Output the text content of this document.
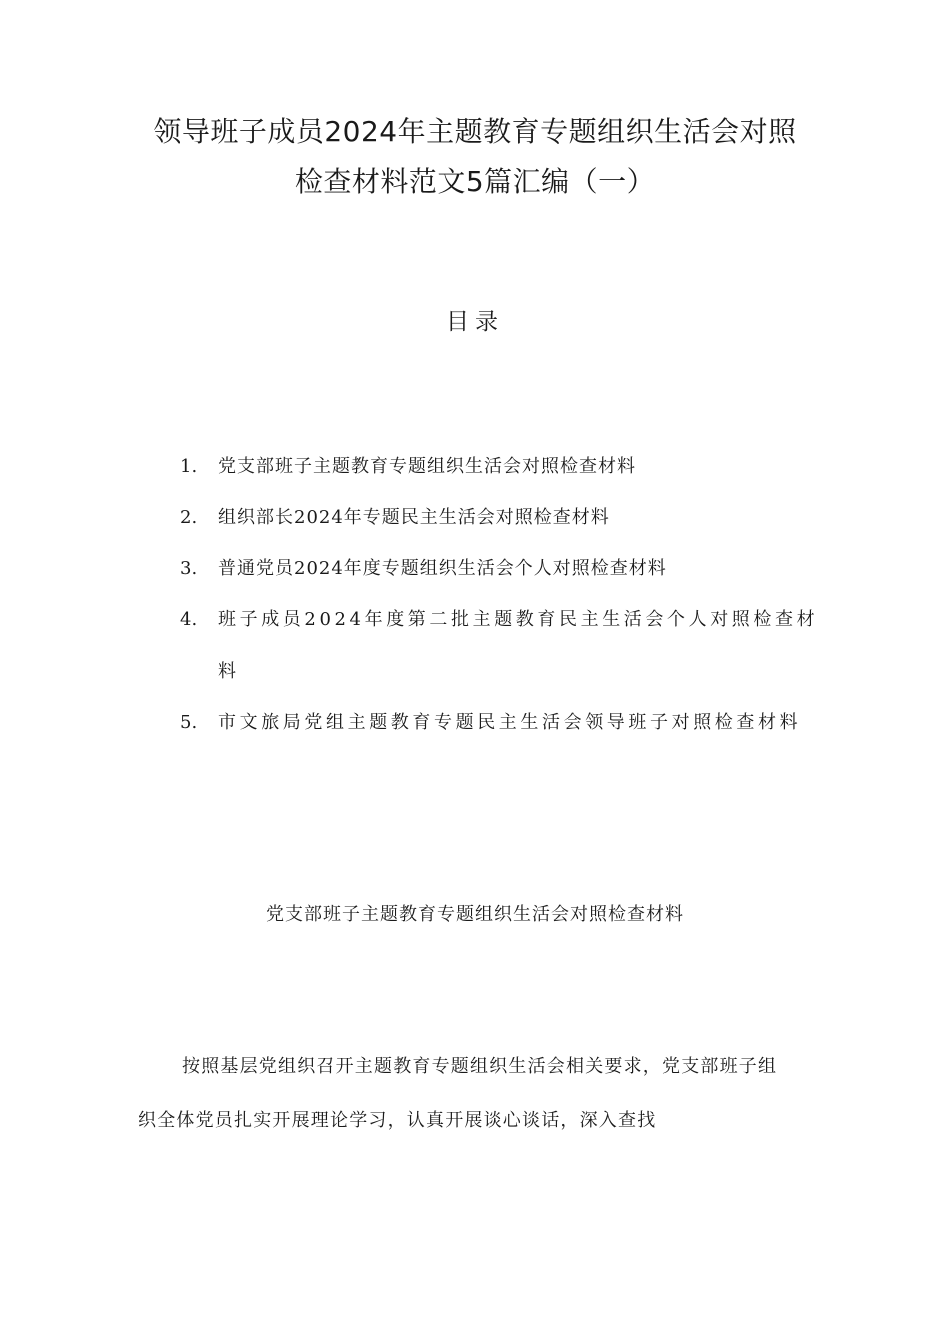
领导班子成员2024年主题教育专题组织生活会对照
检查材料范文5篇汇编（一）
目录
1.	党支部班子主题教育专题组织生活会对照检查材料
2.	组织部长2024年专题民主生活会对照检查材料
3.	普通党员2024年度专题组织生活会个人对照检查材料
4.	班子成员2024年度第二批主题教育民主生活会个人对照检查材料
5.	市文旅局党组主题教育专题民主生活会领导班子对照检查材料
党支部班子主题教育专题组织生活会对照检查材料
按照基层党组织召开主题教育专题组织生活会相关要求，党支部班子组织全体党员扎实开展理论学习，认真开展谈心谈话，深入查找
